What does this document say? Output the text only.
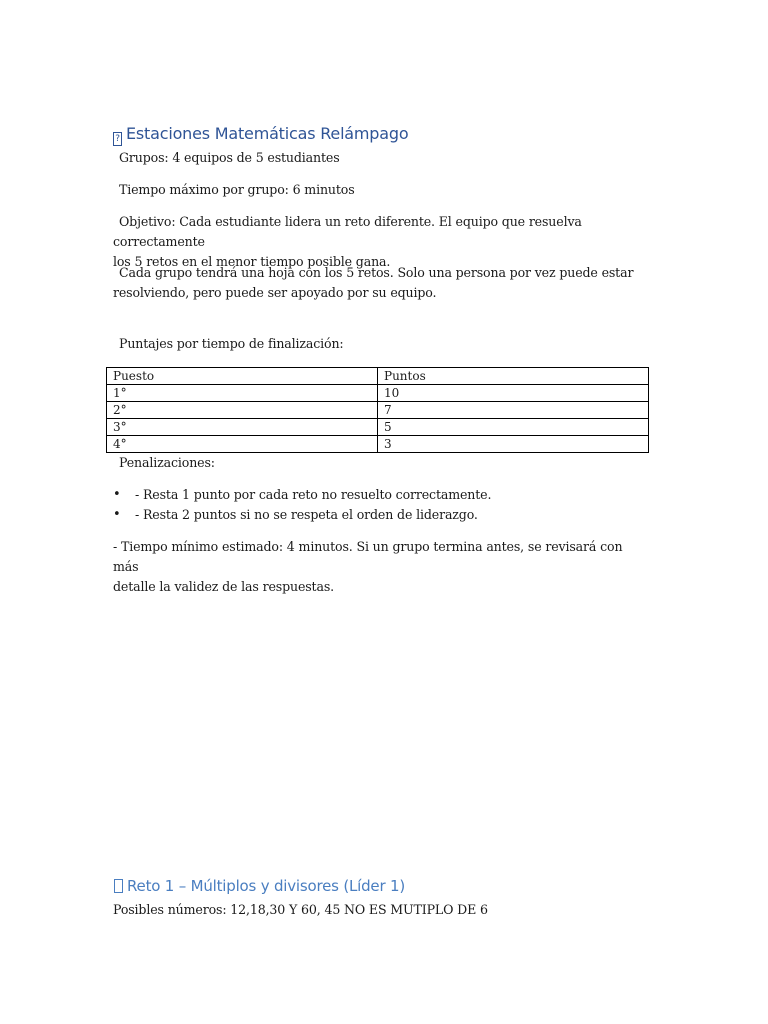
? Estaciones Matemáticas Relámpago
Grupos: 4 equipos de 5 estudiantes
Tiempo máximo por grupo: 6 minutos
Objetivo: Cada estudiante lidera un reto diferente. El equipo que resuelva correctamente
los 5 retos en el menor tiempo posible gana.
Cada grupo tendrá una hoja con los 5 retos. Solo una persona por vez puede estar
resolviendo, pero puede ser apoyado por su equipo.
Puntajes por tiempo de finalización:
Puesto	Puntos
1°	10
2°	7
3°	5
4°	3
Penalizaciones:
• - Resta 1 punto por cada reto no resuelto correctamente.
• - Resta 2 puntos si no se respeta el orden de liderazgo.
- Tiempo mínimo estimado: 4 minutos. Si un grupo termina antes, se revisará con más
detalle la validez de las respuestas.
Reto 1 – Múltiplos y divisores (Líder 1)
Posibles números: 12,18,30 Y 60, 45 NO ES MUTIPLO DE 6
